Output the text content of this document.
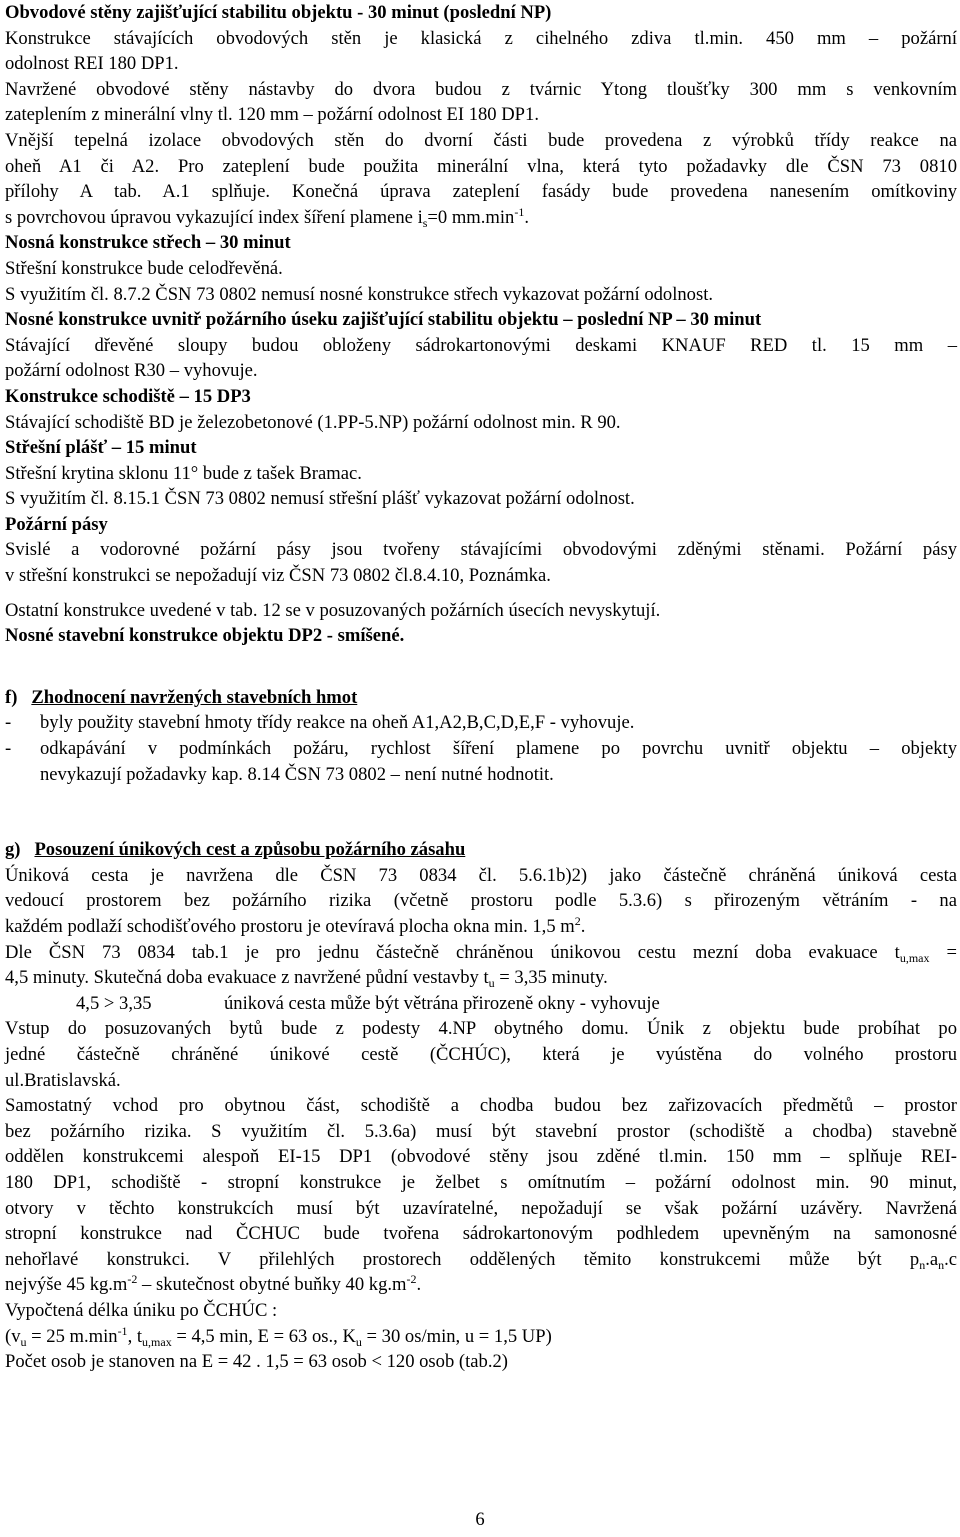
Obvodové stěny zajišťující stabilitu objektu - 30 minut (poslední NP)

Konstrukce stávajících obvodových stěn je klasická z cihelného zdiva tl.min. 450 mm – požární

odolnost REI 180 DP1.

Navržené obvodové stěny nástavby do dvora budou z tvárnic Ytong tloušťky 300 mm s venkovním

zateplením z minerální vlny tl. 120 mm – požární odolnost EI 180 DP1.

Vnější tepelná izolace obvodových stěn do dvorní části bude provedena z výrobků třídy reakce na

oheň A1 či A2. Pro zateplení bude použita minerální vlna, která tyto požadavky dle ČSN 73 0810

přílohy A tab. A.1 splňuje. Konečná úprava zateplení fasády bude provedena nanesením omítkoviny

s povrchovou úpravou vykazující index šíření plamene $i_s=0$ $mm.\min^{-1}$.

Nosná konstrukce střech – 30 minut

Střešní konstrukce bude celodřevěná.

S využitím čl. 8.7.2 ČSN 73 0802 nemusí nosné konstrukce střech vykazovat požární odolnost.

Nosné konstrukce uvnitř požárního úseku zajišťující stabilitu objektu – poslední NP – 30 minut

Stávající dřevěné sloupy budou obloženy sádrokartonovými deskami KNAUF RED tl. 15 mm –

požární odolnost R30 – vyhovuje.

Konstrukce schodiště – 15 DP3

Stávající schodiště BD je železobetonové (1.PP-5.NP) požární odolnost min. R 90.

Střešní plášť – 15 minut

Střešní krytina sklonu 11° bude z tašek Bramac.

S využitím čl. 8.15.1 ČSN 73 0802 nemusí střešní plášť vykazovat požární odolnost.

Požární pásy

Svislé a vodorovné požární pásy jsou tvořeny stávajícími obvodovými zděnými stěnami. Požární pásy

v střešní konstrukci se nepožadují viz ČSN 73 0802 čl.8.4.10, Poznámka.

Ostatní konstrukce uvedené v tab. 12 se v posuzovaných požárních úsecích nevyskytují.

Nosné stavební konstrukce objektu DP2 - smíšené.

f) Zhodnocení navržených stavebních hmot

-	byly použity stavební hmoty třídy reakce na oheň A1,A2,B,C,D,E,F - vyhovuje.
-	odkapávání v podmínkách požáru, rychlost šíření plamene po povrchu uvnitř objektu – objekty

nevykazují požadavky kap. 8.14 ČSN 73 0802 – není nutné hodnotit.

g) Posouzení únikových cest a způsobu požárního zásahu

Úniková cesta je navržena dle ČSN 73 0834 čl. 5.6.1b)2) jako částečně chráněná úniková cesta

vedoucí prostorem bez požárního rizika (včetně prostoru podle 5.3.6) s přirozeným větráním - na

každém podlaží schodišťového prostoru je otevíravá plocha okna min. 1,5 $m^2$.

Dle ČSN 73 0834 tab.1 je pro jednu částečně chráněnou únikovou cestu mezní doba evakuace $t_{u,max}$ =

4,5 minuty. Skutečná doba evakuace z navržené půdní vestavby $t_u = 3,35$ minuty.

4,5 > 3,35	úniková cesta může být větrána přirozeně okny - vyhovuje

Vstup do posuzovaných bytů bude z podesty 4.NP obytného domu. Únik z objektu bude probíhat po

jedné částečně chráněné únikové cestě (ČCHÚC), která je vyústěna do volného prostoru

ul.Bratislavská.

Samostatný vchod pro obytnou část, schodiště a chodba budou bez zařizovacích předmětů – prostor

bez požárního rizika. S využitím čl. 5.3.6a) musí být stavební prostor (schodiště a chodba) stavebně

oddělen konstrukcemi alespoň EI-15 DP1 (obvodové stěny jsou zděné tl.min. 150 mm – splňuje REI-

180 DP1, schodiště - stropní konstrukce je želbet s omítnutím – požární odolnost min. 90 minut,

otvory v těchto konstrukcích musí být uzavíratelné, nepožadují se však požární uzávěry. Navržená

stropní konstrukce nad ČCHUC bude tvořena sádrokartonovým podhledem upevněným na samonosné

nehořlavé konstrukci. V přilehlých prostorech oddělených těmito konstrukcemi může být $p_n.a_n.c$

nejvýše 45 $kg.m^{-2}$ – skutečnost obytné buňky 40 $kg.m^{-2}$.

Vypočtená délka úniku po ČCHÚC :

($v_u = 25$ $m.\min^{-1}$, $t_{u,max} = 4,5$ min, E = 63 os., $K_u = 30$ os/min, u = 1,5 UP)

Počet osob je stanoven na E = 42 . 1,5 = 63 osob < 120 osob (tab.2)

6
